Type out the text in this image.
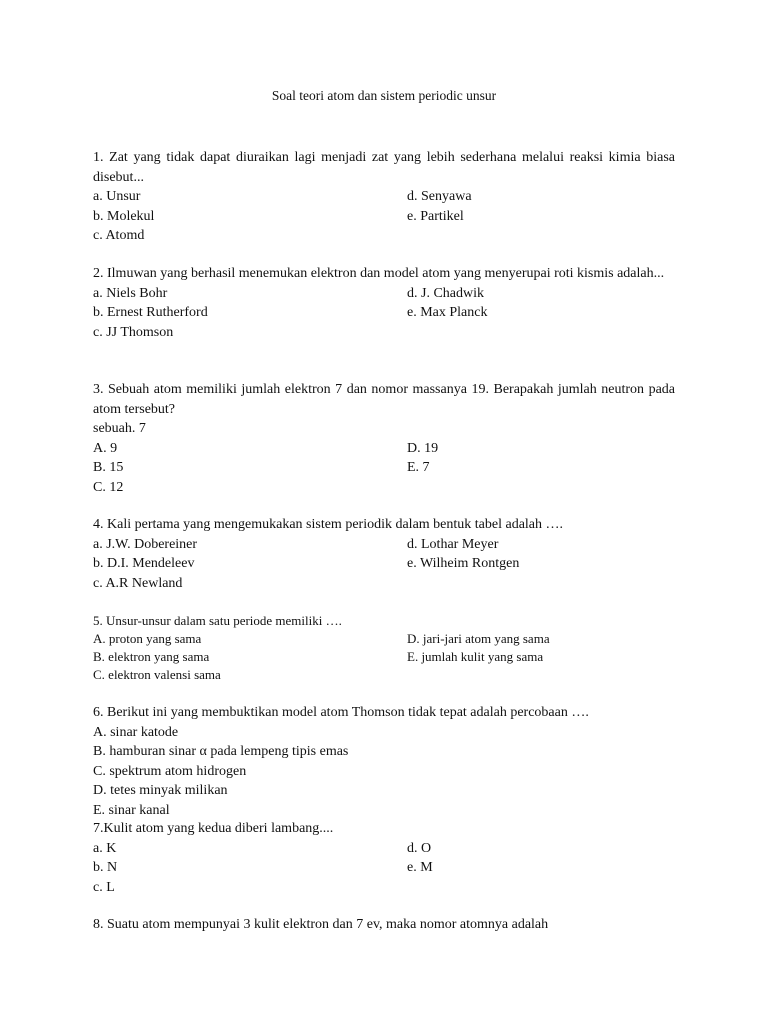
Soal teori atom dan sistem periodic unsur
1. Zat yang tidak dapat diuraikan lagi menjadi zat yang lebih sederhana melalui reaksi kimia biasa disebut...
a. Unsur	d. Senyawa
b. Molekul	e. Partikel
c. Atomd
2. Ilmuwan yang berhasil menemukan elektron dan model atom yang menyerupai roti kismis adalah...
a. Niels Bohr	d. J. Chadwik
b. Ernest Rutherford	e. Max Planck
c. JJ Thomson
3. Sebuah atom memiliki jumlah elektron 7 dan nomor massanya 19. Berapakah jumlah neutron pada atom tersebut?
sebuah. 7
A. 9	D. 19
B. 15	E. 7
C. 12
4. Kali pertama yang mengemukakan sistem periodik dalam bentuk tabel adalah ….
a. J.W. Dobereiner	d. Lothar Meyer
b. D.I. Mendeleev	e. Wilheim Rontgen
c. A.R Newland
5. Unsur-unsur dalam satu periode memiliki ….
A. proton yang sama	D. jari-jari atom yang sama
B. elektron yang sama	E. jumlah kulit yang sama
C. elektron valensi sama
6. Berikut ini yang membuktikan model atom Thomson tidak tepat adalah percobaan ….
A. sinar katode
B. hamburan sinar α pada lempeng tipis emas
C. spektrum atom hidrogen
D. tetes minyak milikan
E. sinar kanal
7.Kulit atom yang kedua diberi lambang....
a. K	d. O
b. N	e. M
c. L
8. Suatu atom mempunyai 3 kulit elektron dan 7 ev, maka nomor atomnya adalah
